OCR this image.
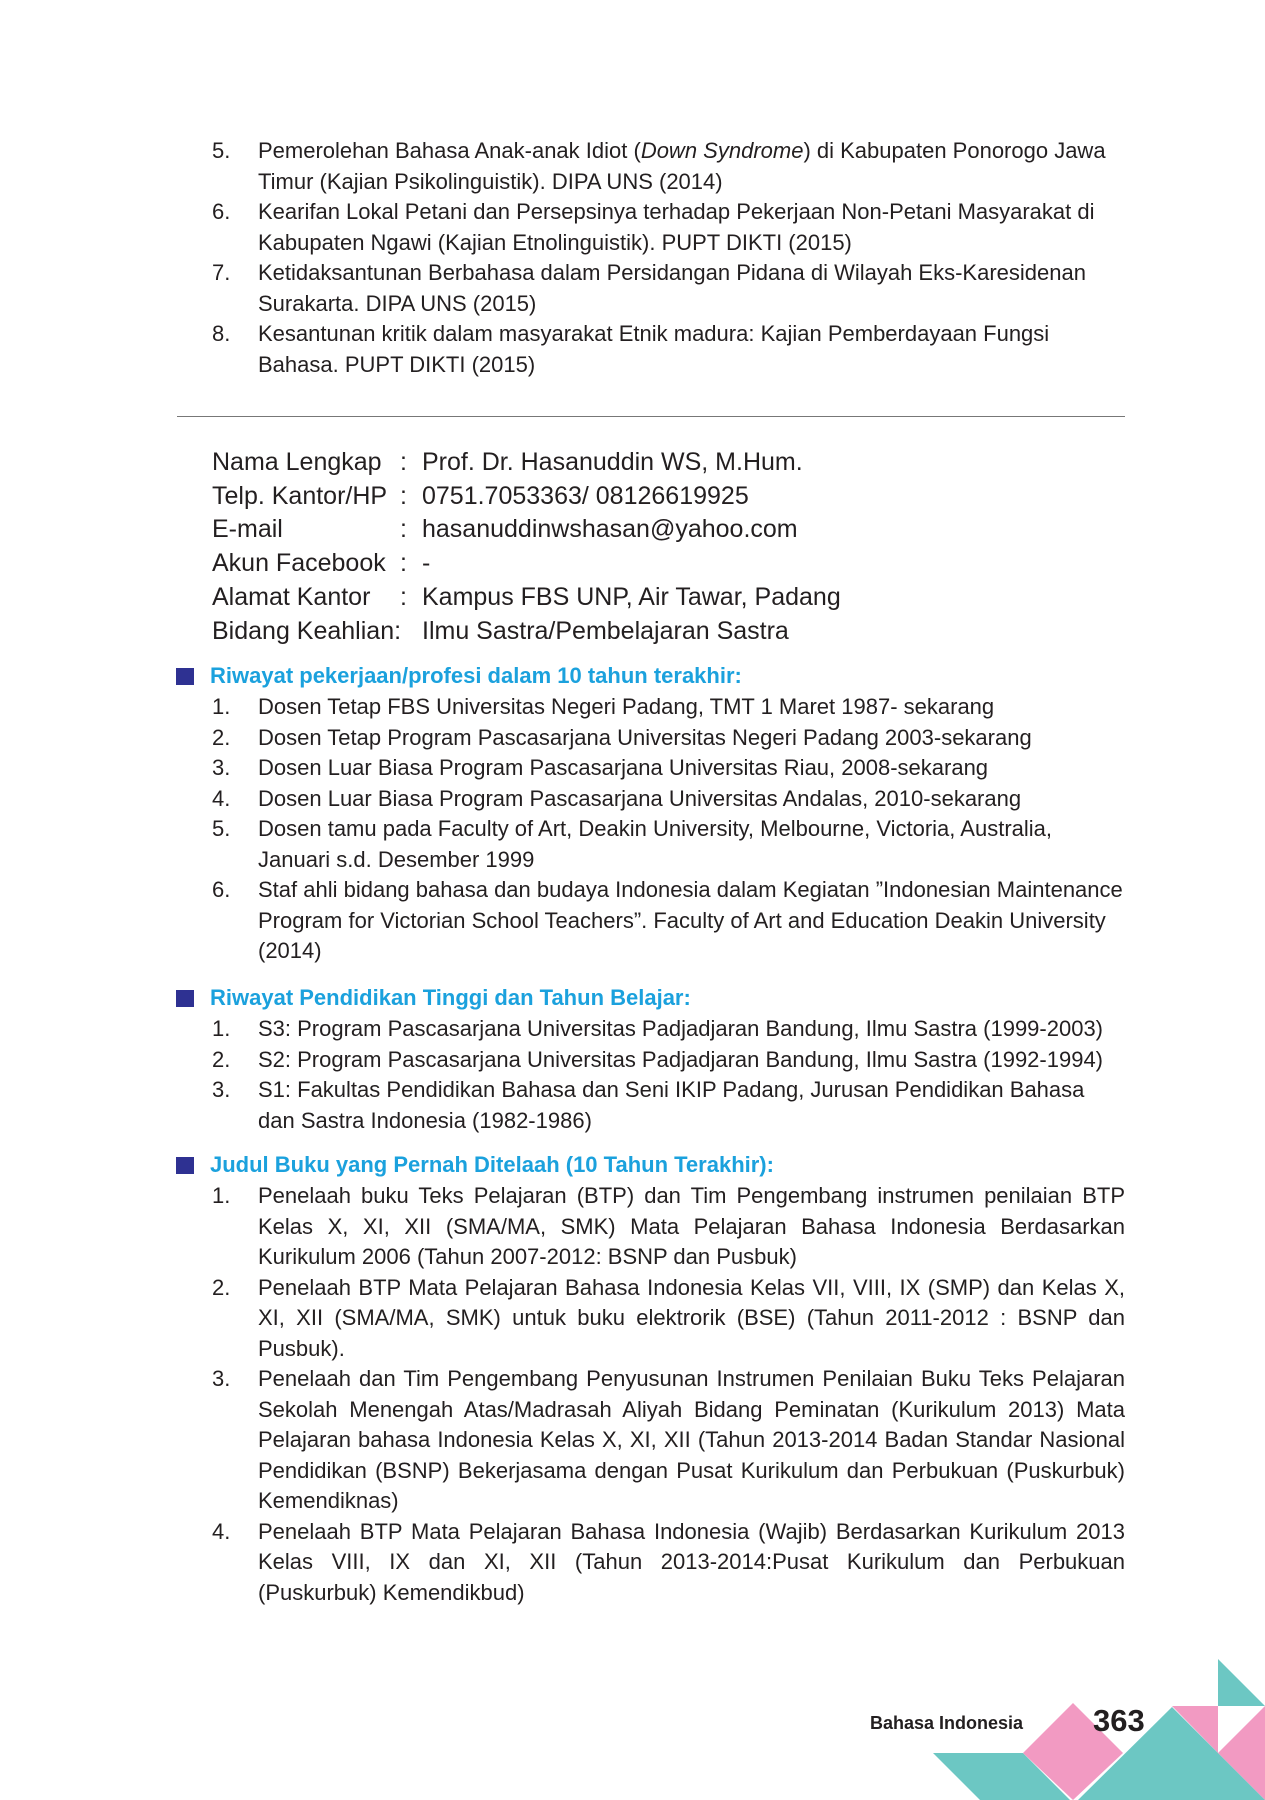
5. Pemerolehan Bahasa Anak-anak Idiot (Down Syndrome) di Kabupaten Ponorogo Jawa Timur (Kajian Psikolinguistik). DIPA UNS (2014)
6. Kearifan Lokal Petani dan Persepsinya terhadap Pekerjaan Non-Petani Masyarakat di Kabupaten Ngawi (Kajian Etnolinguistik). PUPT DIKTI (2015)
7. Ketidaksantunan Berbahasa dalam Persidangan Pidana di Wilayah Eks-Karesidenan Surakarta. DIPA UNS (2015)
8. Kesantunan kritik dalam masyarakat Etnik madura: Kajian Pemberdayaan Fungsi Bahasa. PUPT DIKTI (2015)
Nama Lengkap : Prof. Dr. Hasanuddin WS, M.Hum.
Telp. Kantor/HP : 0751.7053363/ 08126619925
E-mail	: hasanuddinwshasan@yahoo.com
Akun Facebook : -
Alamat Kantor	: Kampus FBS UNP, Air Tawar, Padang
Bidang Keahlian: Ilmu Sastra/Pembelajaran Sastra
Riwayat pekerjaan/profesi dalam 10 tahun terakhir:
1. Dosen Tetap FBS Universitas Negeri Padang, TMT 1 Maret 1987- sekarang
2. Dosen Tetap Program Pascasarjana Universitas Negeri Padang 2003-sekarang
3. Dosen Luar Biasa Program Pascasarjana Universitas Riau, 2008-sekarang
4. Dosen Luar Biasa Program Pascasarjana Universitas Andalas, 2010-sekarang
5. Dosen tamu pada Faculty of Art, Deakin University, Melbourne, Victoria, Australia, Januari s.d. Desember 1999
6. Staf ahli bidang bahasa dan budaya Indonesia dalam Kegiatan ”Indonesian Maintenance Program for Victorian School Teachers”. Faculty of Art and Education Deakin University (2014)
Riwayat Pendidikan Tinggi dan Tahun Belajar:
1. S3: Program Pascasarjana Universitas Padjadjaran Bandung, Ilmu Sastra (1999-2003)
2. S2: Program Pascasarjana Universitas Padjadjaran Bandung, Ilmu Sastra (1992-1994)
3. S1: Fakultas Pendidikan Bahasa dan Seni IKIP Padang, Jurusan Pendidikan Bahasa dan Sastra Indonesia (1982-1986)
Judul Buku yang Pernah Ditelaah (10 Tahun Terakhir):
1. Penelaah buku Teks Pelajaran (BTP) dan Tim Pengembang instrumen penilaian BTP Kelas X, XI, XII (SMA/MA, SMK) Mata Pelajaran Bahasa Indonesia Berdasarkan Kurikulum 2006 (Tahun 2007-2012: BSNP dan Pusbuk)
2. Penelaah BTP Mata Pelajaran Bahasa Indonesia Kelas VII, VIII, IX (SMP) dan Kelas X, XI, XII (SMA/MA, SMK) untuk buku elektrorik (BSE) (Tahun 2011-2012 : BSNP dan Pusbuk).
3. Penelaah dan Tim Pengembang Penyusunan Instrumen Penilaian Buku Teks Pelajaran Sekolah Menengah Atas/Madrasah Aliyah Bidang Peminatan (Kurikulum 2013) Mata Pelajaran bahasa Indonesia Kelas X, XI, XII (Tahun 2013-2014 Badan Standar Nasional Pendidikan (BSNP) Bekerjasama dengan Pusat Kurikulum dan Perbukuan (Puskurbuk) Kemendiknas)
4. Penelaah BTP Mata Pelajaran Bahasa Indonesia (Wajib) Berdasarkan Kurikulum 2013 Kelas VIII, IX dan XI, XII (Tahun 2013-2014:Pusat Kurikulum dan Perbukuan (Puskurbuk) Kemendikbud)
Bahasa Indonesia 363
